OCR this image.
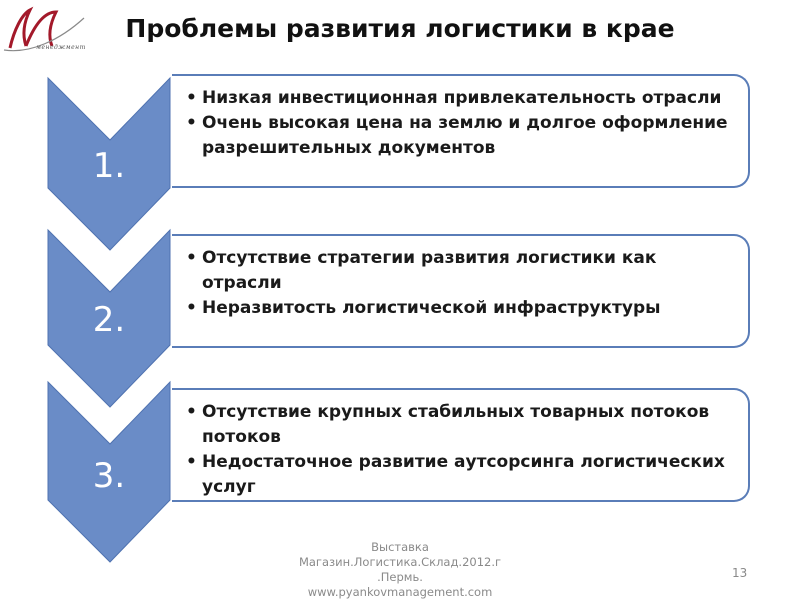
менеджмент
Проблемы развития логистики в крае
1.
2.
3.
• Низкая инвестиционная привлекательность отрасли
• Очень высокая цена на землю и долгое оформление разрешительных документов
• Отсутствие стратегии развития логистики как отрасли
• Неразвитость логистической инфраструктуры
• Отсутствие крупных стабильных товарных потоков потоков
• Недостаточное развитие аутсорсинга логистических услуг
Выставка
Магазин.Логистика.Склад.2012.г
.Пермь.
www.pyankovmanagement.com
13
